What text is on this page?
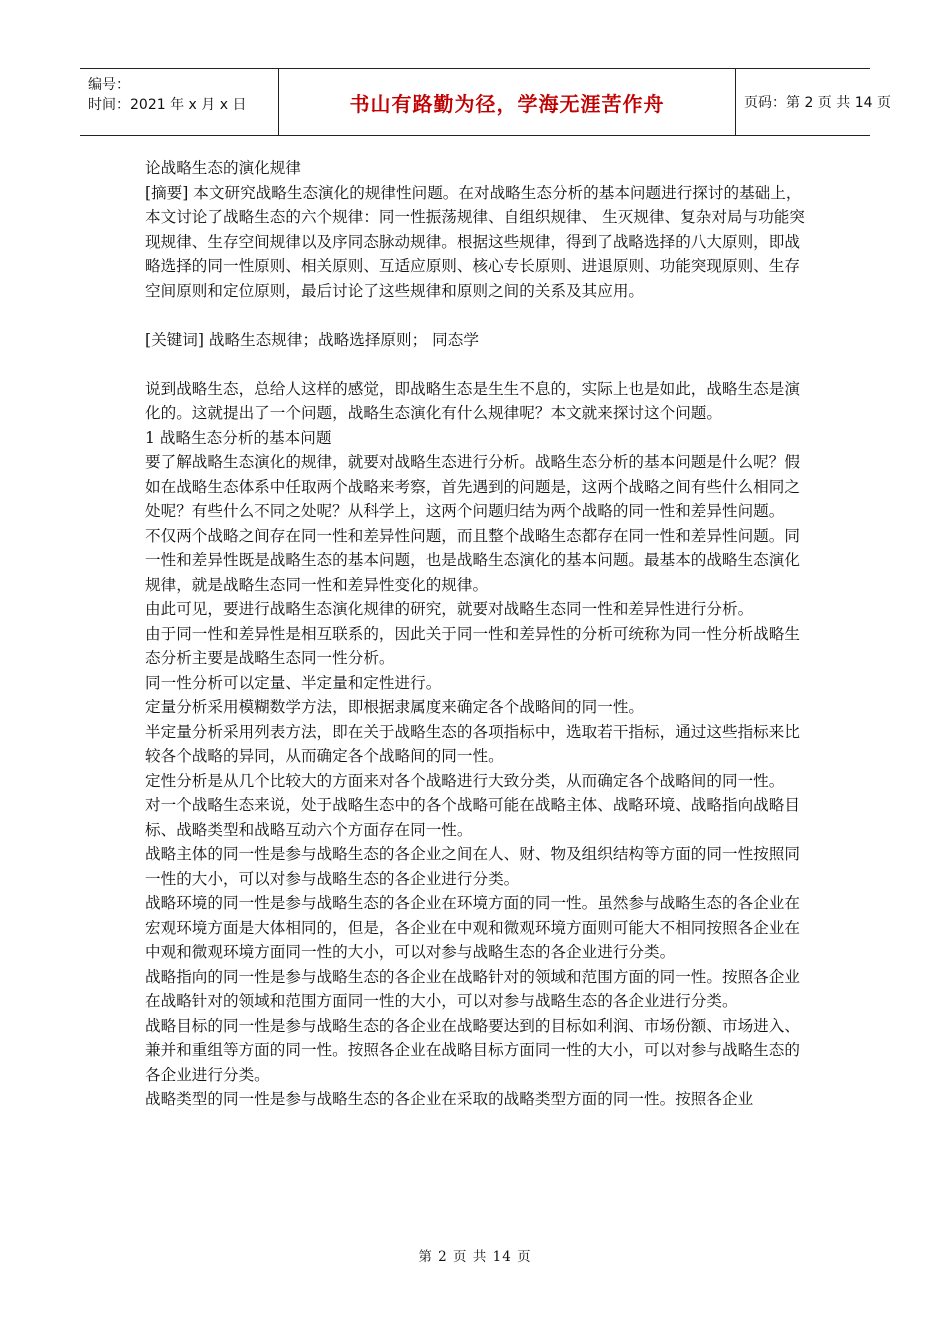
编号：
时间：2021 年 x 月 x 日	书山有路勤为径，学海无涯苦作舟	页码：第 2 页 共 14 页

论战略生态的演化规律

[摘要] 本文研究战略生态演化的规律性问题。在对战略生态分析的基本问题进行探讨的基础上，本文讨论了战略生态的六个规律：同一性振荡规律、自组织规律、 生灭规律、复杂对局与功能突现规律、生存空间规律以及序同态脉动规律。根据这些规律，得到了战略选择的八大原则，即战略选择的同一性原则、相关原则、互适应原则、核心专长原则、进退原则、功能突现原则、生存空间原则和定位原则，最后讨论了这些规律和原则之间的关系及其应用。

[关键词] 战略生态规律；战略选择原则； 同态学

说到战略生态，总给人这样的感觉，即战略生态是生生不息的，实际上也是如此，战略生态是演化的。这就提出了一个问题，战略生态演化有什么规律呢？本文就来探讨这个问题。

1 战略生态分析的基本问题

要了解战略生态演化的规律，就要对战略生态进行分析。战略生态分析的基本问题是什么呢？假如在战略生态体系中任取两个战略来考察，首先遇到的问题是，这两个战略之间有些什么相同之处呢？有些什么不同之处呢？从科学上，这两个问题归结为两个战略的同一性和差异性问题。

不仅两个战略之间存在同一性和差异性问题，而且整个战略生态都存在同一性和差异性问题。同一性和差异性既是战略生态的基本问题，也是战略生态演化的基本问题。最基本的战略生态演化规律，就是战略生态同一性和差异性变化的规律。

由此可见，要进行战略生态演化规律的研究，就要对战略生态同一性和差异性进行分析。

由于同一性和差异性是相互联系的，因此关于同一性和差异性的分析可统称为同一性分析战略生态分析主要是战略生态同一性分析。

同一性分析可以定量、半定量和定性进行。

定量分析采用模糊数学方法，即根据隶属度来确定各个战略间的同一性。

半定量分析采用列表方法，即在关于战略生态的各项指标中，选取若干指标，通过这些指标来比较各个战略的异同，从而确定各个战略间的同一性。

定性分析是从几个比较大的方面来对各个战略进行大致分类，从而确定各个战略间的同一性。

对一个战略生态来说，处于战略生态中的各个战略可能在战略主体、战略环境、战略指向战略目标、战略类型和战略互动六个方面存在同一性。

战略主体的同一性是参与战略生态的各企业之间在人、财、物及组织结构等方面的同一性按照同一性的大小，可以对参与战略生态的各企业进行分类。

战略环境的同一性是参与战略生态的各企业在环境方面的同一性。虽然参与战略生态的各企业在宏观环境方面是大体相同的，但是，各企业在中观和微观环境方面则可能大不相同按照各企业在中观和微观环境方面同一性的大小，可以对参与战略生态的各企业进行分类。

战略指向的同一性是参与战略生态的各企业在战略针对的领域和范围方面的同一性。按照各企业在战略针对的领域和范围方面同一性的大小，可以对参与战略生态的各企业进行分类。

战略目标的同一性是参与战略生态的各企业在战略要达到的目标如利润、市场份额、市场进入、兼并和重组等方面的同一性。按照各企业在战略目标方面同一性的大小，可以对参与战略生态的各企业进行分类。

战略类型的同一性是参与战略生态的各企业在采取的战略类型方面的同一性。按照各企业

第 2 页 共 14 页
